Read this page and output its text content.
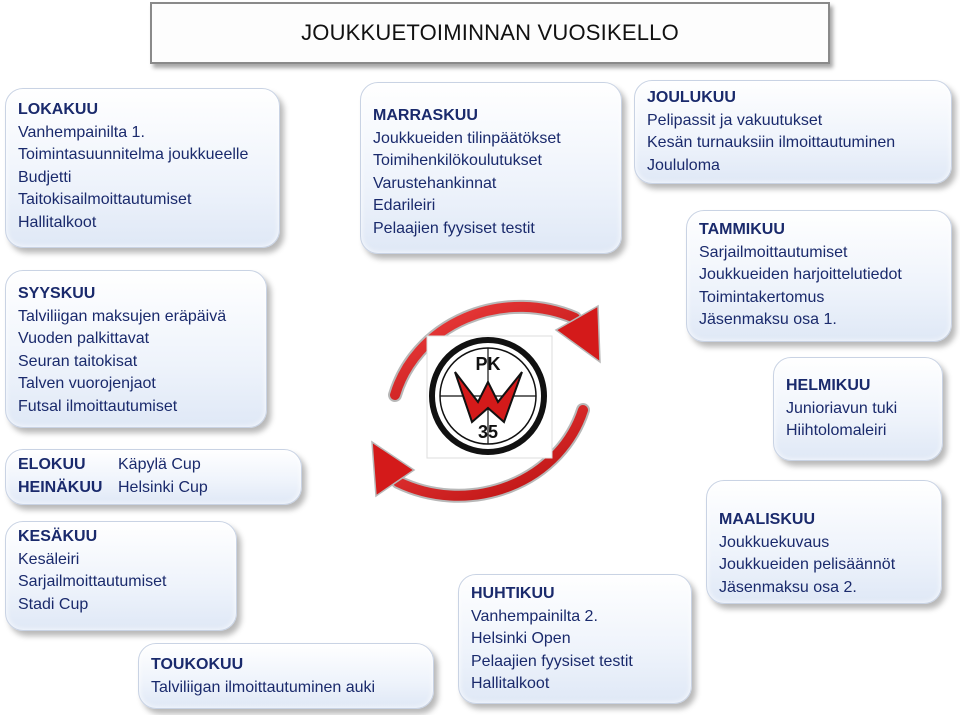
JOUKKUETOIMINNAN VUOSIKELLO
PK
35
LOKAKUU
Vanhempainilta 1.
Toimintasuunnitelma joukkueelle
Budjetti
Taitokisailmoittautumiset
Hallitalkoot
SYYSKUU
Talviliigan maksujen eräpäivä
Vuoden palkittavat
Seuran taitokisat
Talven vuorojenjaot
Futsal ilmoittautumiset
ELOKUU	Käpylä Cup
HEINÄKUU Helsinki Cup
KESÄKUU
Kesäleiri
Sarjailmoittautumiset
Stadi Cup
TOUKOKUU
Talviliigan ilmoittautuminen auki
MARRASKUU
Joukkueiden tilinpäätökset
Toimihenkilökoulutukset
Varustehankinnat
Edarileiri
Pelaajien fyysiset testit
HUHTIKUU
Vanhempainilta 2.
Helsinki Open
Pelaajien fyysiset testit
Hallitalkoot
JOULUKUU
Pelipassit ja vakuutukset
Kesän turnauksiin ilmoittautuminen
Joululoma
TAMMIKUU
Sarjailmoittautumiset
Joukkueiden harjoittelutiedot
Toimintakertomus
Jäsenmaksu osa 1.
HELMIKUU
Junioriavun tuki
Hiihtolomaleiri
MAALISKUU
Joukkuekuvaus
Joukkueiden pelisäännöt
Jäsenmaksu osa 2.
